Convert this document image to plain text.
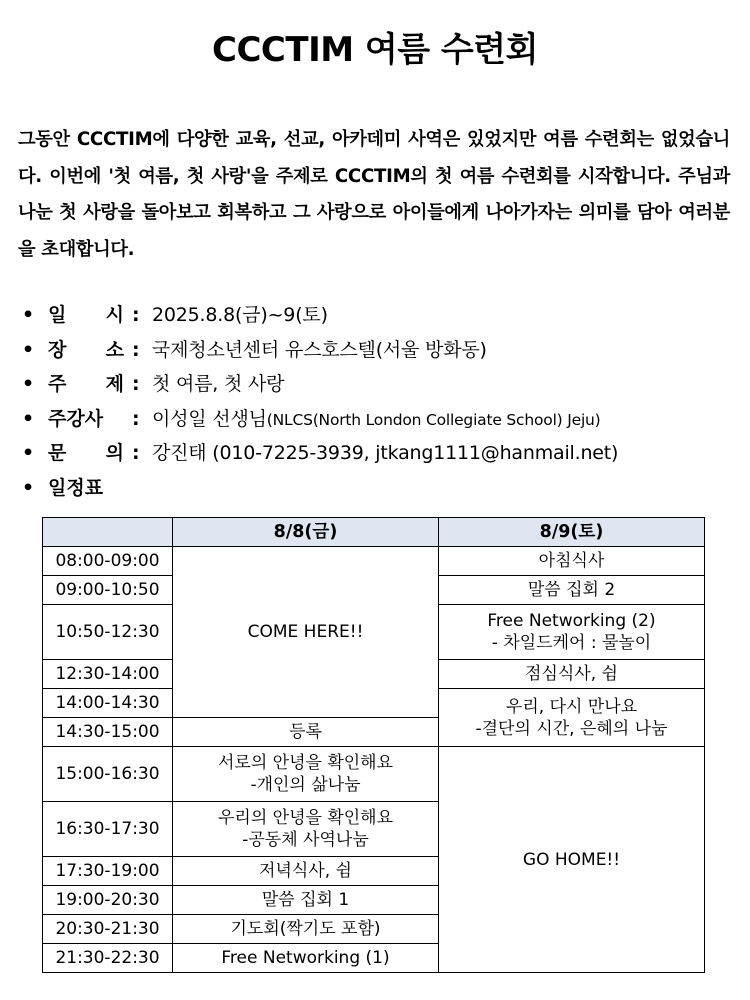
CCCTIM 여름 수련회
그동안 CCCTIM에 다양한 교육, 선교, 아카데미 사역은 있었지만 여름 수련회는 없었습니다. 이번에 '첫 여름, 첫 사랑'을 주제로 CCCTIM의 첫 여름 수련회를 시작합니다. 주님과 나눈 첫 사랑을 돌아보고 회복하고 그 사랑으로 아이들에게 나아가자는 의미를 담아 여러분을 초대합니다.
• 일 시 : 2025.8.8(금)~9(토)
• 장 소 : 국제청소년센터 유스호스텔(서울 방화동)
• 주 제 : 첫 여름, 첫 사랑
• 주강사	: 이성일 선생님(NLCS(North London Collegiate School) Jeju)
• 문 의 : 강진태 (010-7225-3939, jtkang1111@hanmail.net)
• 일정표
	8/8(금)	8/9(토)
08:00-09:00	COME HERE!!	아침식사
09:00-10:50		말씀 집회 2
10:50-12:30		Free Networking (2)
- 차일드케어 : 물놀이

12:30-14:00		점심식사, 쉼
14:00-14:30		우리, 다시 만나요
-결단의 시간, 은혜의 나눔

14:30-15:00	등록	
15:00-16:30	서로의 안녕을 확인해요
-개인의 삶나눔	GO HOME!!
16:30-17:30	우리의 안녕을 확인해요
-공동체 사역나눔	

17:30-19:00	저녁식사, 쉼	
19:00-20:30	말씀 집회 1	
20:30-21:30	기도회(짝기도 포함)	
21:30-22:30	Free Networking (1)	
